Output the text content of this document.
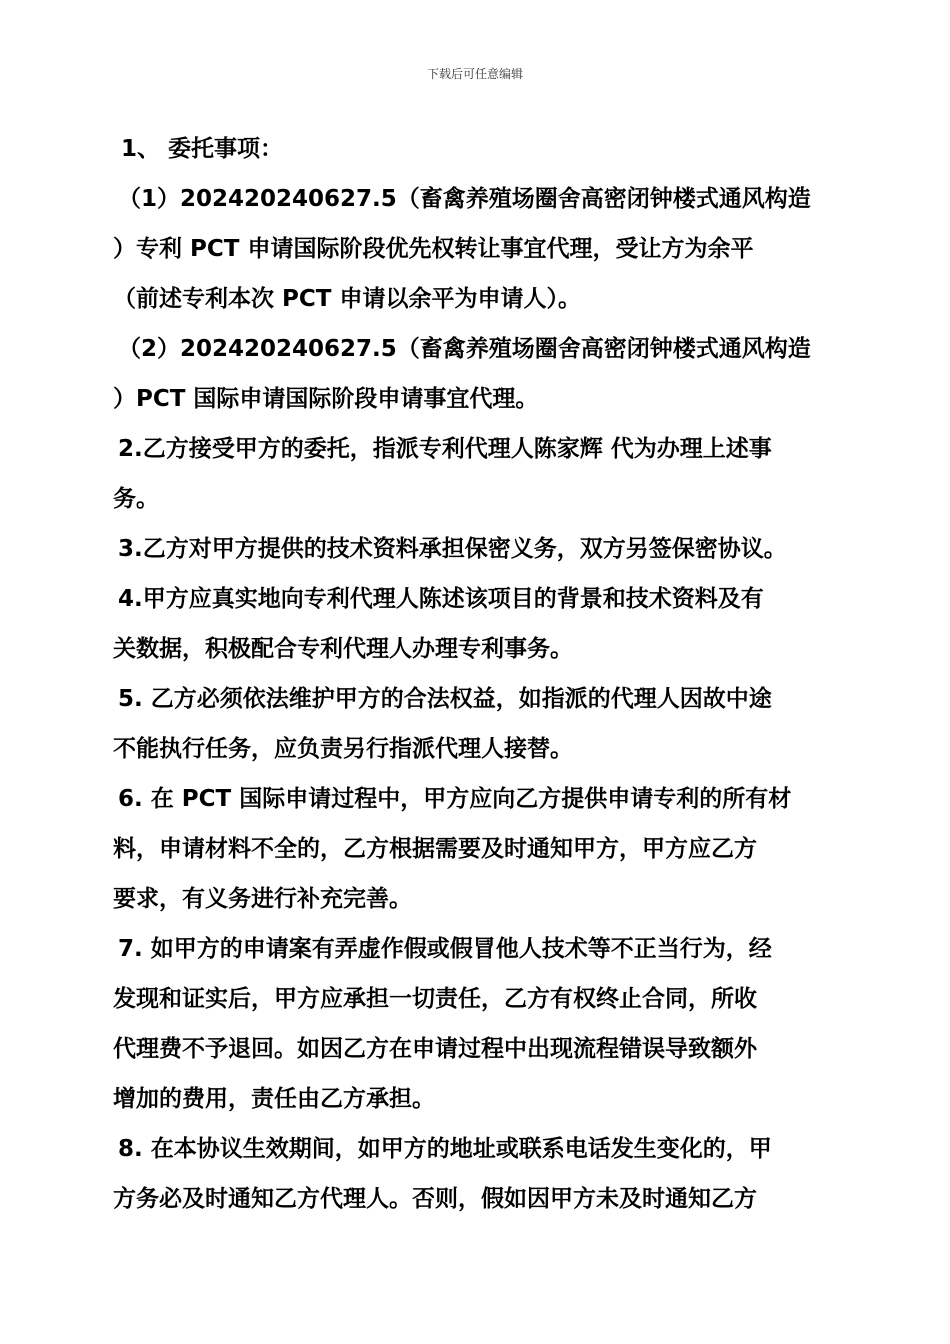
下载后可任意编辑

1、 委托事项：

（1）202420240627.5（畜禽养殖场圈舍高密闭钟楼式通风构造
）专利 PCT 申请国际阶段优先权转让事宜代理，受让方为余平
（前述专利本次 PCT 申请以余平为申请人）。

（2）202420240627.5（畜禽养殖场圈舍高密闭钟楼式通风构造
）PCT 国际申请国际阶段申请事宜代理。

2.乙方接受甲方的委托，指派专利代理人陈家辉 代为办理上述事
务。

3.乙方对甲方提供的技术资料承担保密义务，双方另签保密协议。

4.甲方应真实地向专利代理人陈述该项目的背景和技术资料及有
关数据，积极配合专利代理人办理专利事务。

5. 乙方必须依法维护甲方的合法权益，如指派的代理人因故中途
不能执行任务，应负责另行指派代理人接替。

6. 在 PCT 国际申请过程中，甲方应向乙方提供申请专利的所有材
料，申请材料不全的，乙方根据需要及时通知甲方，甲方应乙方
要求，有义务进行补充完善。

7. 如甲方的申请案有弄虚作假或假冒他人技术等不正当行为，经
发现和证实后，甲方应承担一切责任，乙方有权终止合同，所收
代理费不予退回。如因乙方在申请过程中出现流程错误导致额外
增加的费用，责任由乙方承担。

8. 在本协议生效期间，如甲方的地址或联系电话发生变化的，甲
方务必及时通知乙方代理人。否则，假如因甲方未及时通知乙方
